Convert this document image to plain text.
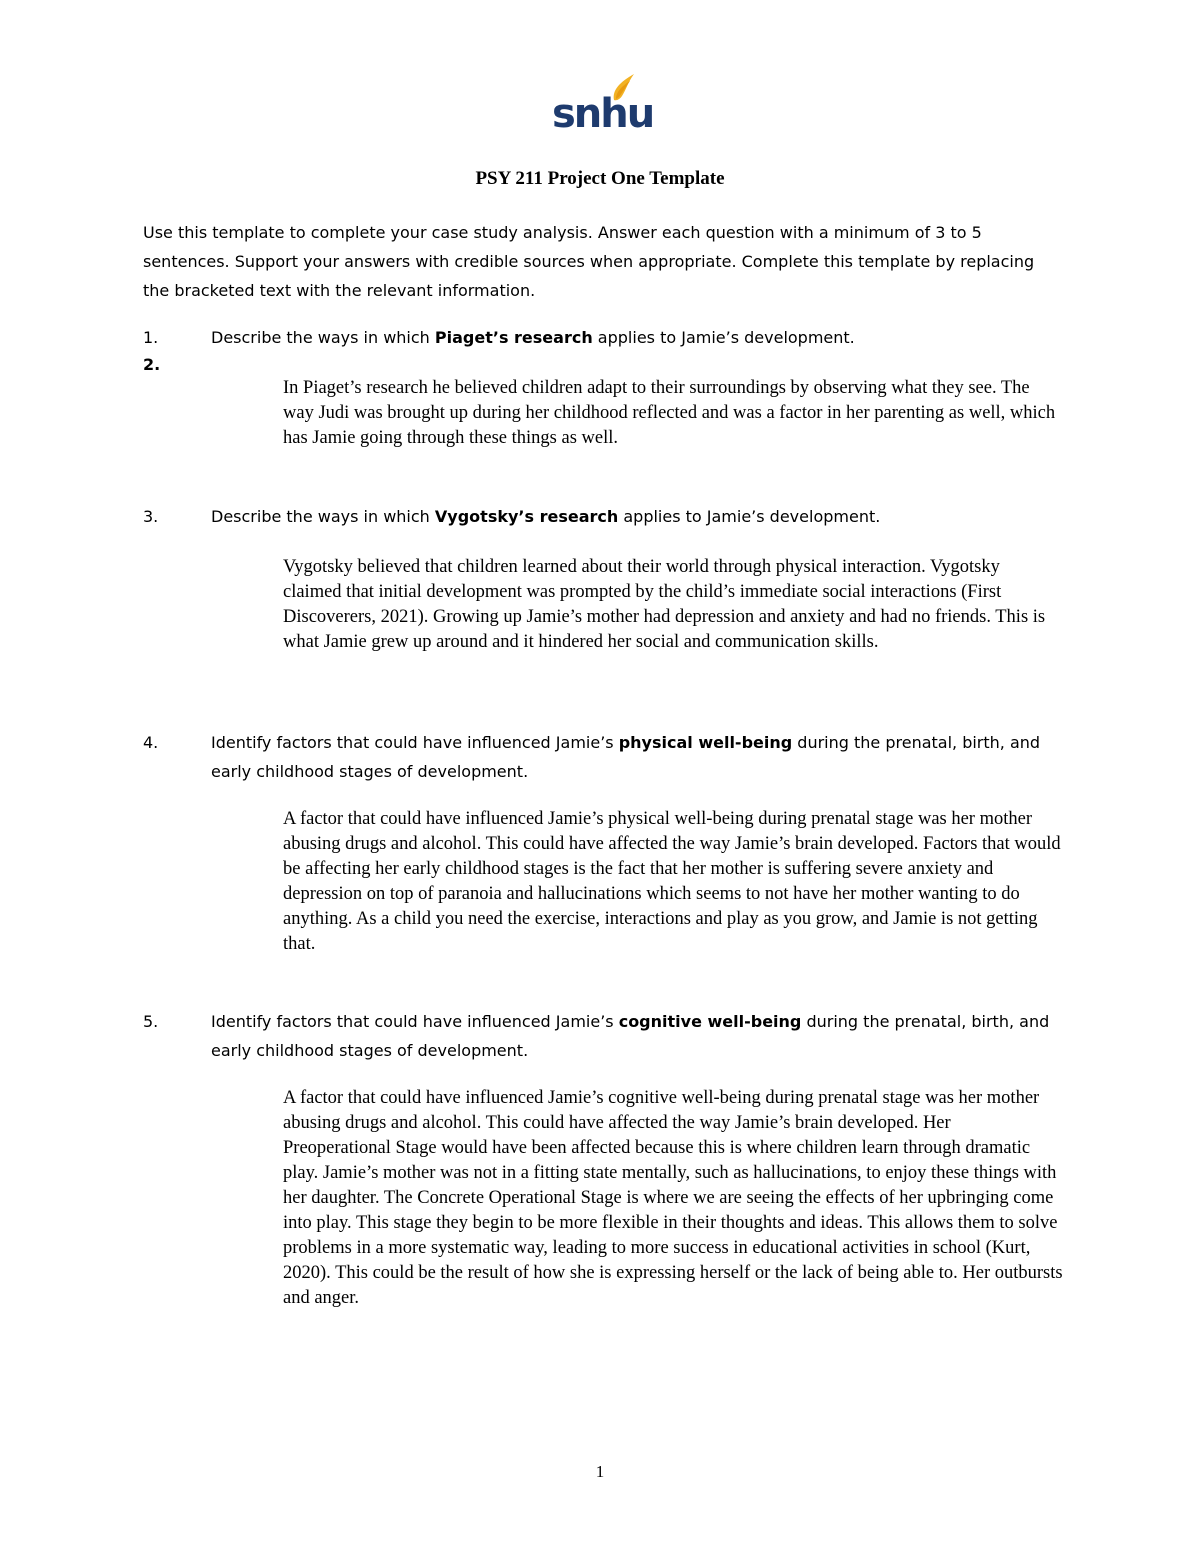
snhu
PSY 211 Project One Template

Use this template to complete your case study analysis. Answer each question with a minimum of 3 to 5 sentences. Support your answers with credible sources when appropriate. Complete this template by replacing the bracketed text with the relevant information.

1.	Describe the ways in which Piaget’s research applies to Jamie’s development.
2.

In Piaget’s research he believed children adapt to their surroundings by observing what they see. The way Judi was brought up during her childhood reflected and was a factor in her parenting as well, which has Jamie going through these things as well.

3.	Describe the ways in which Vygotsky’s research applies to Jamie’s development.

Vygotsky believed that children learned about their world through physical interaction. Vygotsky claimed that initial development was prompted by the child’s immediate social interactions (First Discoverers, 2021). Growing up Jamie’s mother had depression and anxiety and had no friends. This is what Jamie grew up around and it hindered her social and communication skills.

4.	Identify factors that could have influenced Jamie’s physical well-being during the prenatal, birth, and early childhood stages of development.

A factor that could have influenced Jamie’s physical well-being during prenatal stage was her mother abusing drugs and alcohol. This could have affected the way Jamie’s brain developed. Factors that would be affecting her early childhood stages is the fact that her mother is suffering severe anxiety and depression on top of paranoia and hallucinations which seems to not have her mother wanting to do anything. As a child you need the exercise, interactions and play as you grow, and Jamie is not getting that.

5.	Identify factors that could have influenced Jamie’s cognitive well-being during the prenatal, birth, and early childhood stages of development.

A factor that could have influenced Jamie’s cognitive well-being during prenatal stage was her mother abusing drugs and alcohol. This could have affected the way Jamie’s brain developed. Her Preoperational Stage would have been affected because this is where children learn through dramatic play. Jamie’s mother was not in a fitting state mentally, such as hallucinations, to enjoy these things with her daughter. The Concrete Operational Stage is where we are seeing the effects of her upbringing come into play. This stage they begin to be more flexible in their thoughts and ideas. This allows them to solve problems in a more systematic way, leading to more success in educational activities in school (Kurt, 2020). This could be the result of how she is expressing herself or the lack of being able to. Her outbursts and anger.

1
